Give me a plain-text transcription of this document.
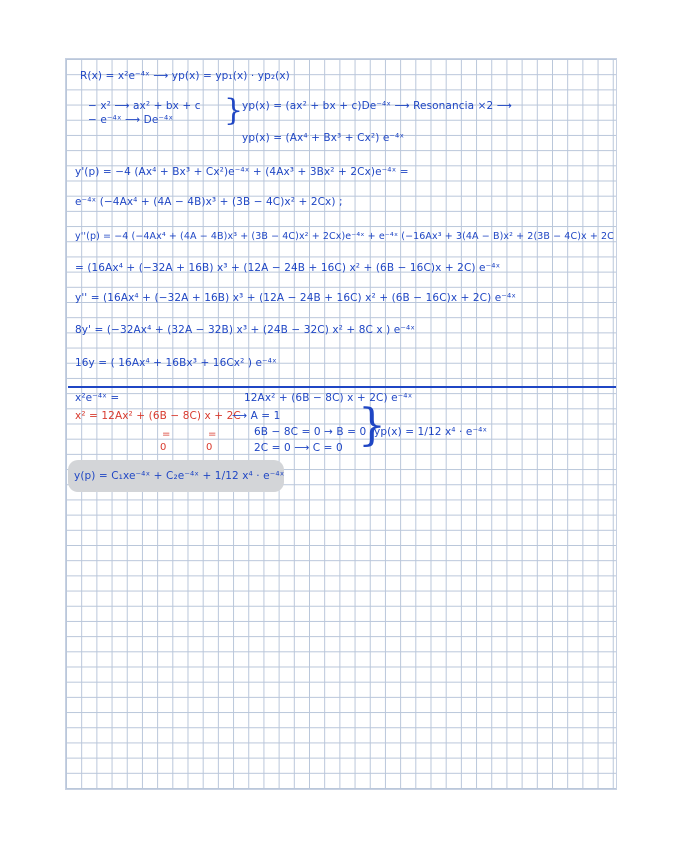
R(x) = x²e⁻⁴ˣ ⟶ yp(x) = yp₁(x) · yp₂(x)
− x² ⟶ ax² + bx + c
− e⁻⁴ˣ ⟶ De⁻⁴ˣ }
yp(x) = (ax² + bx + c)De⁻⁴ˣ ⟶ Resonancia ×2 ⟶
yp(x) = (Ax⁴ + Bx³ + Cx²) e⁻⁴ˣ
y'(p) = −4 (Ax⁴ + Bx³ + Cx²)e⁻⁴ˣ + (4Ax³ + 3Bx² + 2Cx)e⁻⁴ˣ =
e⁻⁴ˣ (−4Ax⁴ + (4A − 4B)x³ + (3B − 4C)x² + 2Cx) ;
y''(p) = −4 (−4Ax⁴ + (4A − 4B)x³ + (3B − 4C)x² + 2Cx)e⁻⁴ˣ + e⁻⁴ˣ (−16Ax³ + 3(4A − B)x² + 2(3B − 4C)x + 2C
= (16Ax⁴ + (−32A + 16B) x³ + (12A − 24B + 16C) x² + (6B − 16C)x + 2C) e⁻⁴ˣ
y'' = (16Ax⁴ + (−32A + 16B) x³ + (12A − 24B + 16C) x² + (6B − 16C)x + 2C) e⁻⁴ˣ
8y' = (−32Ax⁴ + (32A − 32B) x³ + (24B − 32C) x² + 8C x ) e⁻⁴ˣ
16y = ( 16Ax⁴ + 16Bx³ + 16Cx² ) e⁻⁴ˣ
x²e⁻⁴ˣ =	12Ax² + (6B − 8C) x + 2C) e⁻⁴ˣ
x² = 12Ax² + (6B − 8C) x + 2C
⟶ A = 1
6B − 8C = 0 → B = 0
2C = 0 ⟶ C = 0 }
yp(x) = 1/12 x⁴ · e⁻⁴ˣ
=	=
0	0
y(p) = C₁xe⁻⁴ˣ + C₂e⁻⁴ˣ + 1/12 x⁴ · e⁻⁴ˣ
